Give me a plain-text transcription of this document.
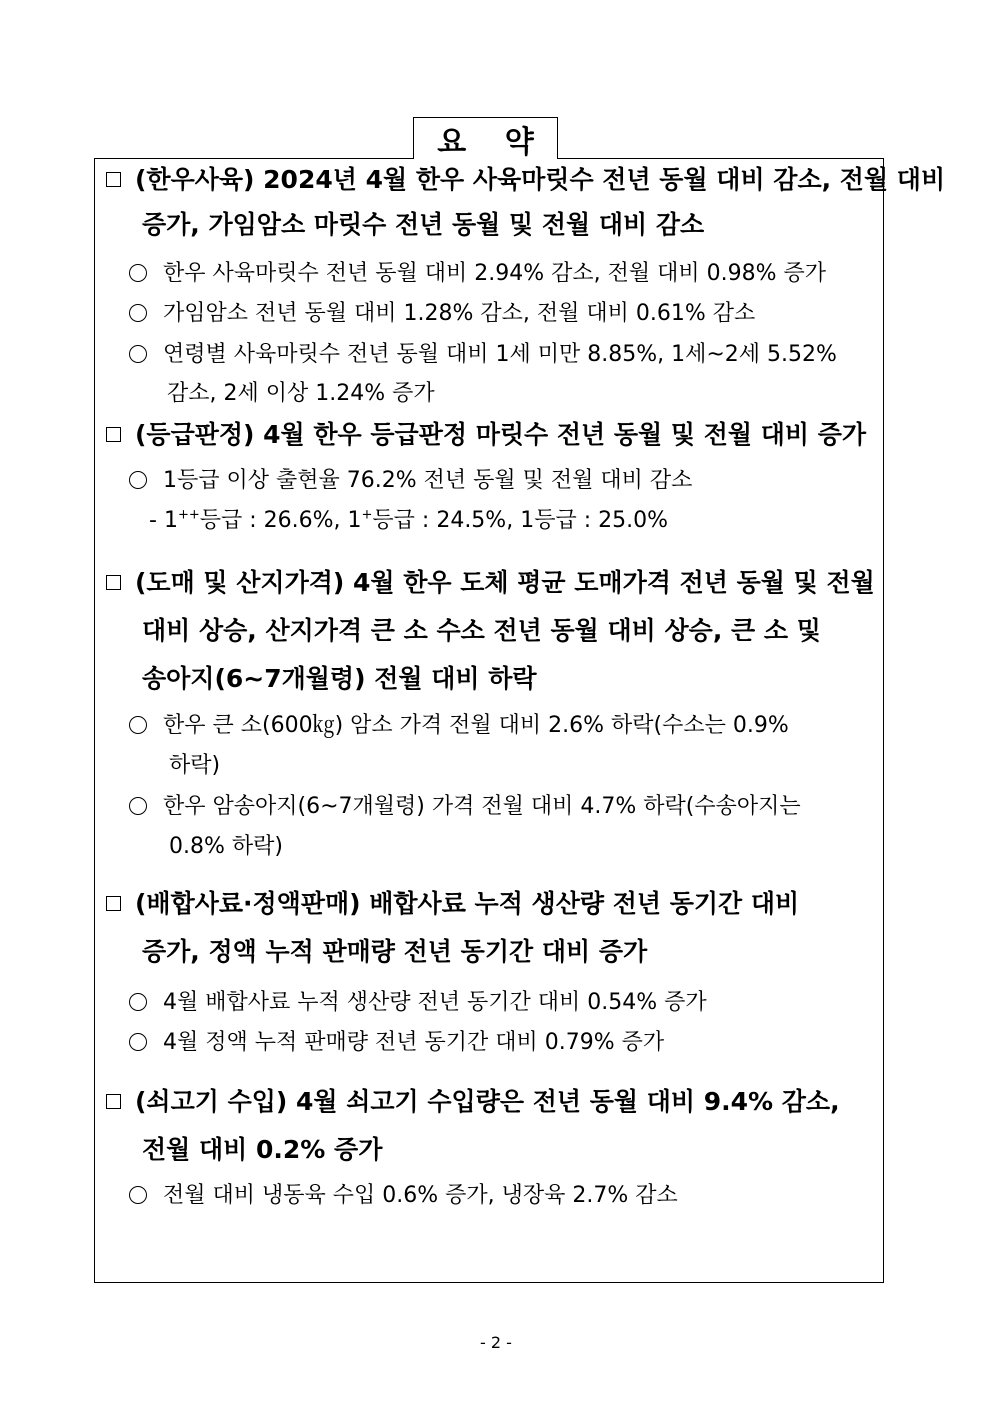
요 약
(한우사육) 2024년 4월 한우 사육마릿수 전년 동월 대비 감소, 전월 대비
증가, 가임암소 마릿수 전년 동월 및 전월 대비 감소
한우 사육마릿수 전년 동월 대비 2.94% 감소, 전월 대비 0.98% 증가
가임암소 전년 동월 대비 1.28% 감소, 전월 대비 0.61% 감소
연령별 사육마릿수 전년 동월 대비 1세 미만 8.85%, 1세~2세 5.52%
감소, 2세 이상 1.24% 증가
(등급판정) 4월 한우 등급판정 마릿수 전년 동월 및 전월 대비 증가
1등급 이상 출현율 76.2% 전년 동월 및 전월 대비 감소
- 1++등급 : 26.6%, 1+등급 : 24.5%, 1등급 : 25.0%
(도매 및 산지가격) 4월 한우 도체 평균 도매가격 전년 동월 및 전월
대비 상승, 산지가격 큰 소 수소 전년 동월 대비 상승, 큰 소 및
송아지(6~7개월령) 전월 대비 하락
한우 큰 소(600㎏) 암소 가격 전월 대비 2.6% 하락(수소는 0.9%
하락)
한우 암송아지(6~7개월령) 가격 전월 대비 4.7% 하락(수송아지는
0.8% 하락)
(배합사료·정액판매) 배합사료 누적 생산량 전년 동기간 대비
증가, 정액 누적 판매량 전년 동기간 대비 증가
4월 배합사료 누적 생산량 전년 동기간 대비 0.54% 증가
4월 정액 누적 판매량 전년 동기간 대비 0.79% 증가
(쇠고기 수입) 4월 쇠고기 수입량은 전년 동월 대비 9.4% 감소,
전월 대비 0.2% 증가
전월 대비 냉동육 수입 0.6% 증가, 냉장육 2.7% 감소
- 2 -
